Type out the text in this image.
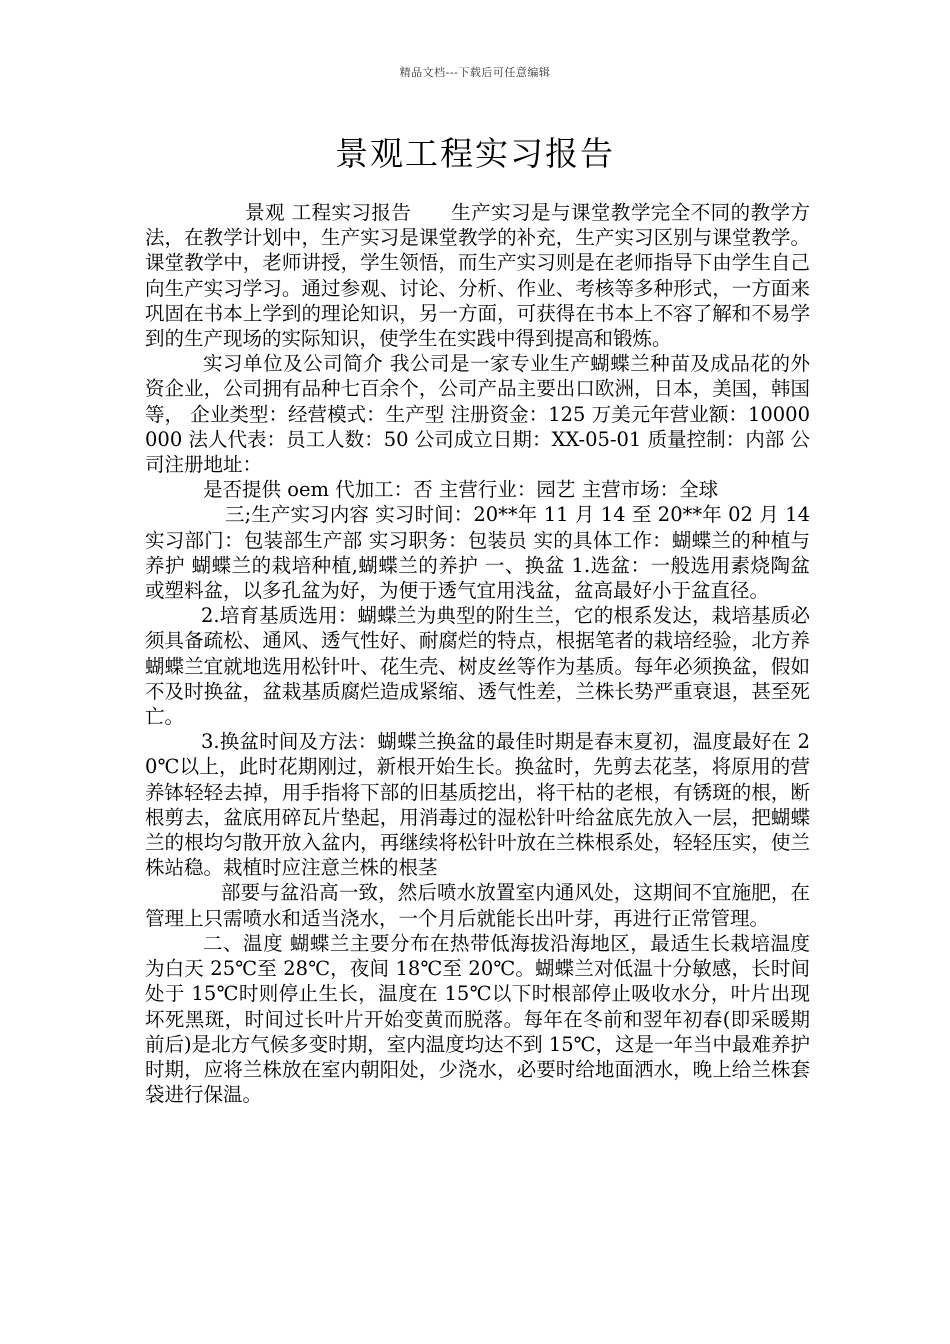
精品文档---下载后可任意编辑
景观工程实习报告

景观 工程实习报告　　生产实习是与课堂教学完全不同的教学方法，在教学计划中，生产实习是课堂教学的补充，生产实习区别与课堂教学。课堂教学中，老师讲授，学生领悟，而生产实习则是在老师指导下由学生自己向生产实习学习。通过参观、讨论、分析、作业、考核等多种形式，一方面来巩固在书本上学到的理论知识，另一方面，可获得在书本上不容了解和不易学到的生产现场的实际知识，使学生在实践中得到提高和锻炼。

实习单位及公司简介 我公司是一家专业生产蝴蝶兰种苗及成品花的外资企业，公司拥有品种七百余个，公司产品主要出口欧洲，日本，美国，韩国等， 企业类型：经营模式：生产型 注册资金：125 万美元年营业额：10000000 法人代表：员工人数：50 公司成立日期：XX-05-01 质量控制：内部 公司注册地址：

是否提供 oem 代加工：否 主营行业：园艺 主营市场：全球

三;生产实习内容 实习时间：20**年 11 月 14 至 20**年 02 月 14 实习部门：包装部生产部 实习职务：包装员 实的具体工作：蝴蝶兰的种植与养护 蝴蝶兰的栽培种植,蝴蝶兰的养护 一、换盆 1.选盆：一般选用素烧陶盆或塑料盆，以多孔盆为好，为便于透气宜用浅盆，盆高最好小于盆直径。

2.培育基质选用：蝴蝶兰为典型的附生兰，它的根系发达，栽培基质必须具备疏松、通风、透气性好、耐腐烂的特点，根据笔者的栽培经验，北方养蝴蝶兰宜就地选用松针叶、花生壳、树皮丝等作为基质。每年必须换盆，假如不及时换盆，盆栽基质腐烂造成紧缩、透气性差，兰株长势严重衰退，甚至死亡。

3.换盆时间及方法：蝴蝶兰换盆的最佳时期是春末夏初，温度最好在 20℃以上，此时花期刚过，新根开始生长。换盆时，先剪去花茎，将原用的营养钵轻轻去掉，用手指将下部的旧基质挖出，将干枯的老根，有锈斑的根，断根剪去，盆底用碎瓦片垫起，用消毒过的湿松针叶给盆底先放入一层，把蝴蝶兰的根均匀散开放入盆内，再继续将松针叶放在兰株根系处，轻轻压实，使兰株站稳。栽植时应注意兰株的根茎

部要与盆沿高一致，然后喷水放置室内通风处，这期间不宜施肥，在管理上只需喷水和适当浇水，一个月后就能长出叶芽，再进行正常管理。

二、温度 蝴蝶兰主要分布在热带低海拔沿海地区，最适生长栽培温度为白天 25℃至 28℃，夜间 18℃至 20℃。蝴蝶兰对低温十分敏感，长时间处于 15℃时则停止生长，温度在 15℃以下时根部停止吸收水分，叶片出现坏死黑斑，时间过长叶片开始变黄而脱落。每年在冬前和翌年初春(即采暖期前后)是北方气候多变时期，室内温度均达不到 15℃，这是一年当中最难养护时期，应将兰株放在室内朝阳处，少浇水，必要时给地面洒水，晚上给兰株套袋进行保温。
